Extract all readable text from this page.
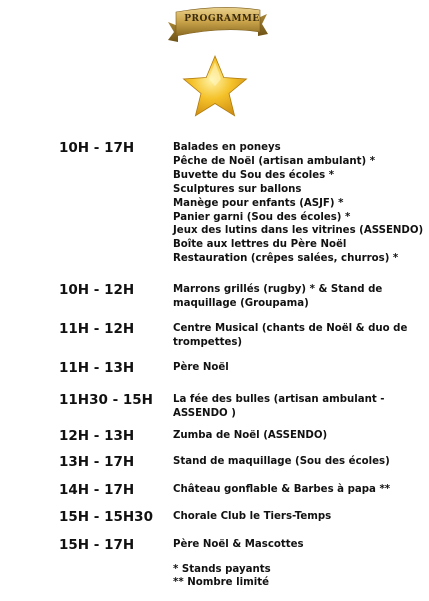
PROGRAMME
10H - 17H	Balades en poneys
Pêche de Noël (artisan ambulant) *
Buvette du Sou des écoles *
Sculptures sur ballons
Manège pour enfants (ASJF) *
Panier garni (Sou des écoles) *
Jeux des lutins dans les vitrines (ASSENDO)
Boîte aux lettres du Père Noël
Restauration (crêpes salées, churros) *
10H - 12H	Marrons grillés (rugby) * & Stand de
maquillage (Groupama)
11H - 12H	Centre Musical (chants de Noël & duo de
trompettes)
11H - 13H	Père Noël
11H30 - 15H La fée des bulles (artisan ambulant -
ASSENDO )
12H - 13H	Zumba de Noël (ASSENDO)
13H - 17H	Stand de maquillage (Sou des écoles)
14H - 17H	Château gonflable & Barbes à papa **
15H - 15H30 Chorale Club le Tiers-Temps
15H - 17H	Père Noël & Mascottes
* Stands payants
** Nombre limité
